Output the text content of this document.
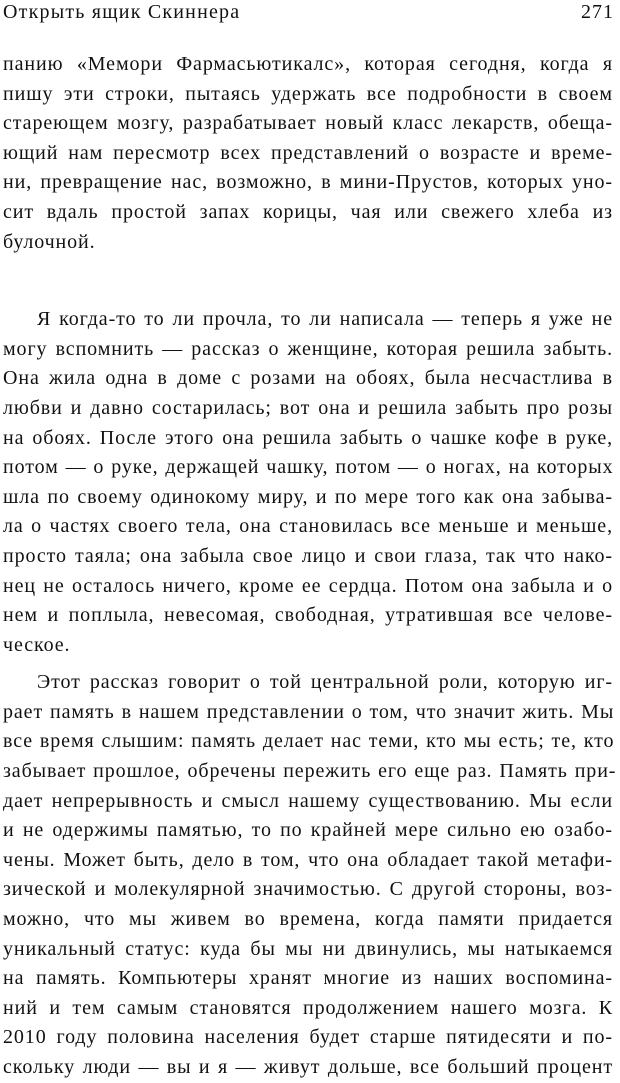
Открыть ящик Скиннера	271

панию «Мемори Фармасьютикалс», которая сегодня, когда я
пишу эти строки, пытаясь удержать все подробности в своем
стареющем мозгу, разрабатывает новый класс лекарств, обеща-
ющий нам пересмотр всех представлений о возрасте и време-
ни, превращение нас, возможно, в мини-Прустов, которых уно-
сит вдаль простой запах корицы, чая или свежего хлеба из
булочной.

Я когда-то то ли прочла, то ли написала — теперь я уже не
могу вспомнить — рассказ о женщине, которая решила забыть.
Она жила одна в доме с розами на обоях, была несчастлива в
любви и давно состарилась; вот она и решила забыть про розы
на обоях. После этого она решила забыть о чашке кофе в руке,
потом — о руке, держащей чашку, потом — о ногах, на которых
шла по своему одинокому миру, и по мере того как она забыва-
ла о частях своего тела, она становилась все меньше и меньше,
просто таяла; она забыла свое лицо и свои глаза, так что нако-
нец не осталось ничего, кроме ее сердца. Потом она забыла и о
нем и поплыла, невесомая, свободная, утратившая все челове-
ческое.

Этот рассказ говорит о той центральной роли, которую иг-
рает память в нашем представлении о том, что значит жить. Мы
все время слышим: память делает нас теми, кто мы есть; те, кто
забывает прошлое, обречены пережить его еще раз. Память при-
дает непрерывность и смысл нашему существованию. Мы если
и не одержимы памятью, то по крайней мере сильно ею озабо-
чены. Может быть, дело в том, что она обладает такой метафи-
зической и молекулярной значимостью. С другой стороны, воз-
можно, что мы живем во времена, когда памяти придается
уникальный статус: куда бы мы ни двинулись, мы натыкаемся
на память. Компьютеры хранят многие из наших воспомина-
ний и тем самым становятся продолжением нашего мозга. К
2010 году половина населения будет старше пятидесяти и по-
скольку люди — вы и я — живут дольше, все больший процент
